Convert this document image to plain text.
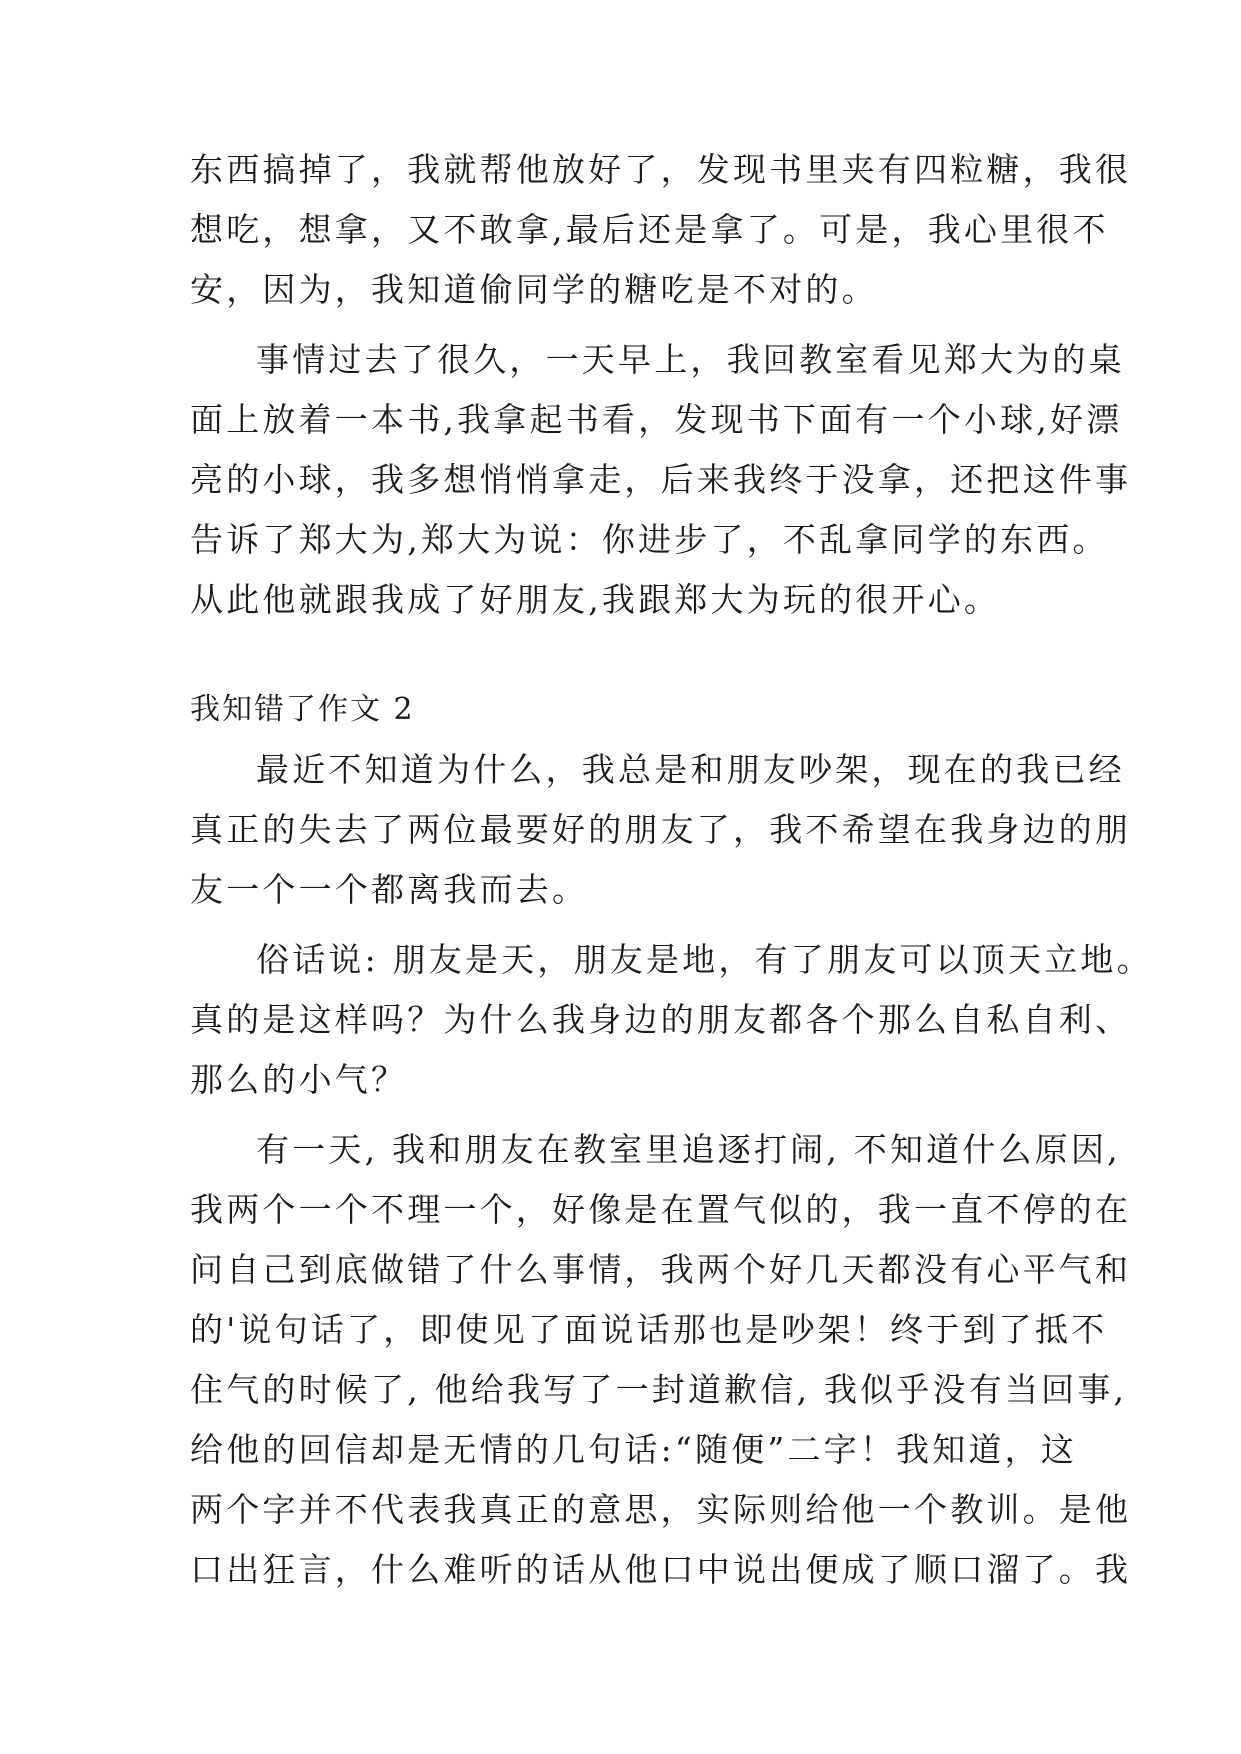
东西搞掉了，我就帮他放好了，发现书里夹有四粒糖，我很
想吃，想拿，又不敢拿,最后还是拿了。可是，我心里很不
安，因为，我知道偷同学的糖吃是不对的。
事情过去了很久，一天早上，我回教室看见郑大为的桌
面上放着一本书,我拿起书看，发现书下面有一个小球,好漂
亮的小球，我多想悄悄拿走，后来我终于没拿，还把这件事
告诉了郑大为,郑大为说：你进步了，不乱拿同学的东西。
从此他就跟我成了好朋友,我跟郑大为玩的很开心。
我知错了作文 2
最近不知道为什么，我总是和朋友吵架，现在的我已经
真正的失去了两位最要好的朋友了，我不希望在我身边的朋
友一个一个都离我而去。
俗话说: 朋友是天，朋友是地，有了朋友可以顶天立地。
真的是这样吗？为什么我身边的朋友都各个那么自私自利、
那么的小气？
有一天, 我和朋友在教室里追逐打闹, 不知道什么原因,
我两个一个不理一个，好像是在置气似的，我一直不停的在
问自己到底做错了什么事情，我两个好几天都没有心平气和
的'说句话了，即使见了面说话那也是吵架！终于到了抵不
住气的时候了, 他给我写了一封道歉信, 我似乎没有当回事,
给他的回信却是无情的几句话:“随便”二字！我知道，这
两个字并不代表我真正的意思，实际则给他一个教训。是他
口出狂言，什么难听的话从他口中说出便成了顺口溜了。我
